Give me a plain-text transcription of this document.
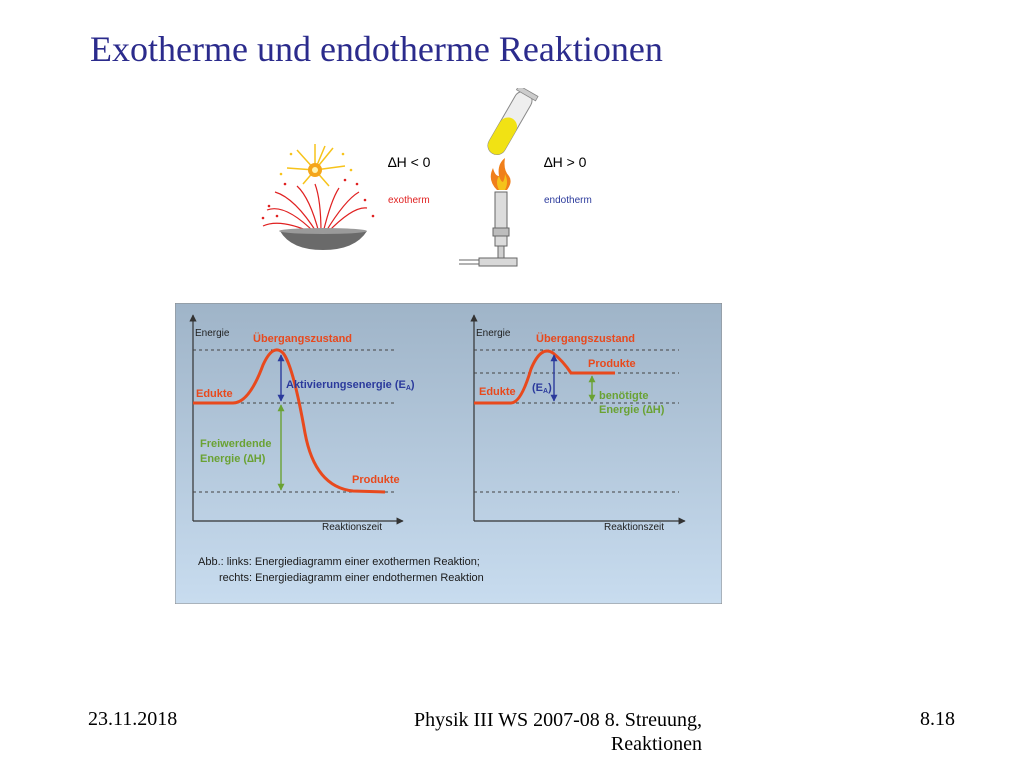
Exotherme und endotherme Reaktionen
∆H < 0
exotherm
∆H > 0
endotherm
Energie
Reaktionszeit
Übergangszustand
Edukte
Produkte
Aktivierungsenergie (EA)
Freiwerdende
Energie (∆H)
Energie
Reaktionszeit
Übergangszustand
Edukte
Produkte
(EA)
benötigte
Energie (∆H)
Abb.: links: Energiediagramm einer exothermen Reaktion;
rechts: Energiediagramm einer endothermen Reaktion
23.11.2018	Physik III WS 2007-08 8. Streuung,
Reaktionen
8.18
